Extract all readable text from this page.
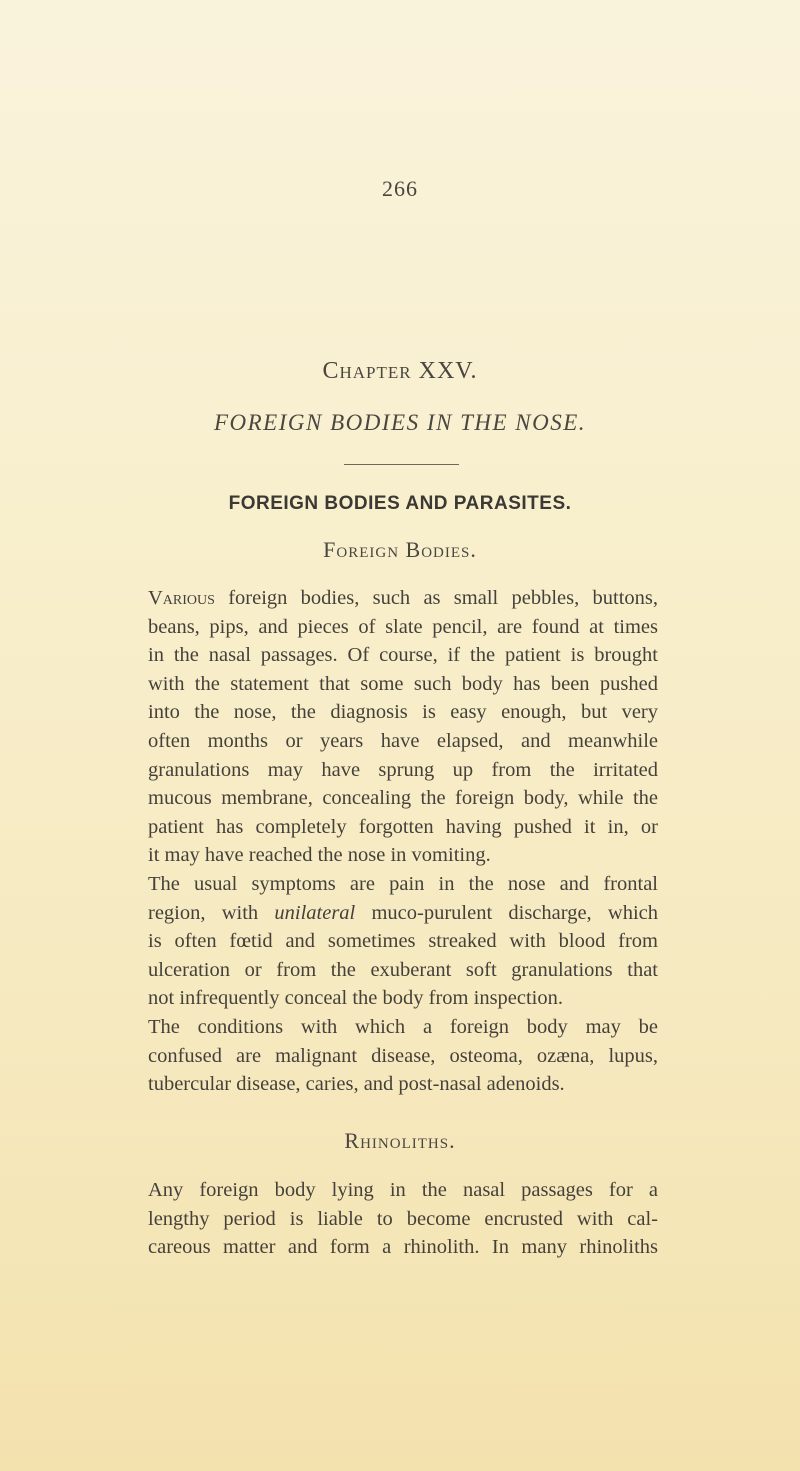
266
Chapter XXV.
FOREIGN BODIES IN THE NOSE.
FOREIGN BODIES AND PARASITES.
Foreign Bodies.
Various foreign bodies, such as small pebbles, buttons,
beans, pips, and pieces of slate pencil, are found at times
in the nasal passages. Of course, if the patient is brought
with the statement that some such body has been pushed
into the nose, the diagnosis is easy enough, but very
often months or years have elapsed, and meanwhile
granulations may have sprung up from the irritated
mucous membrane, concealing the foreign body, while the
patient has completely forgotten having pushed it in, or
it may have reached the nose in vomiting.
The usual symptoms are pain in the nose and frontal
region, with unilateral muco-purulent discharge, which
is often fœtid and sometimes streaked with blood from
ulceration or from the exuberant soft granulations that
not infrequently conceal the body from inspection.
The conditions with which a foreign body may be
confused are malignant disease, osteoma, ozæna, lupus,
tubercular disease, caries, and post-nasal adenoids.
Rhinoliths.
Any foreign body lying in the nasal passages for a
lengthy period is liable to become encrusted with cal-
careous matter and form a rhinolith. In many rhinoliths
